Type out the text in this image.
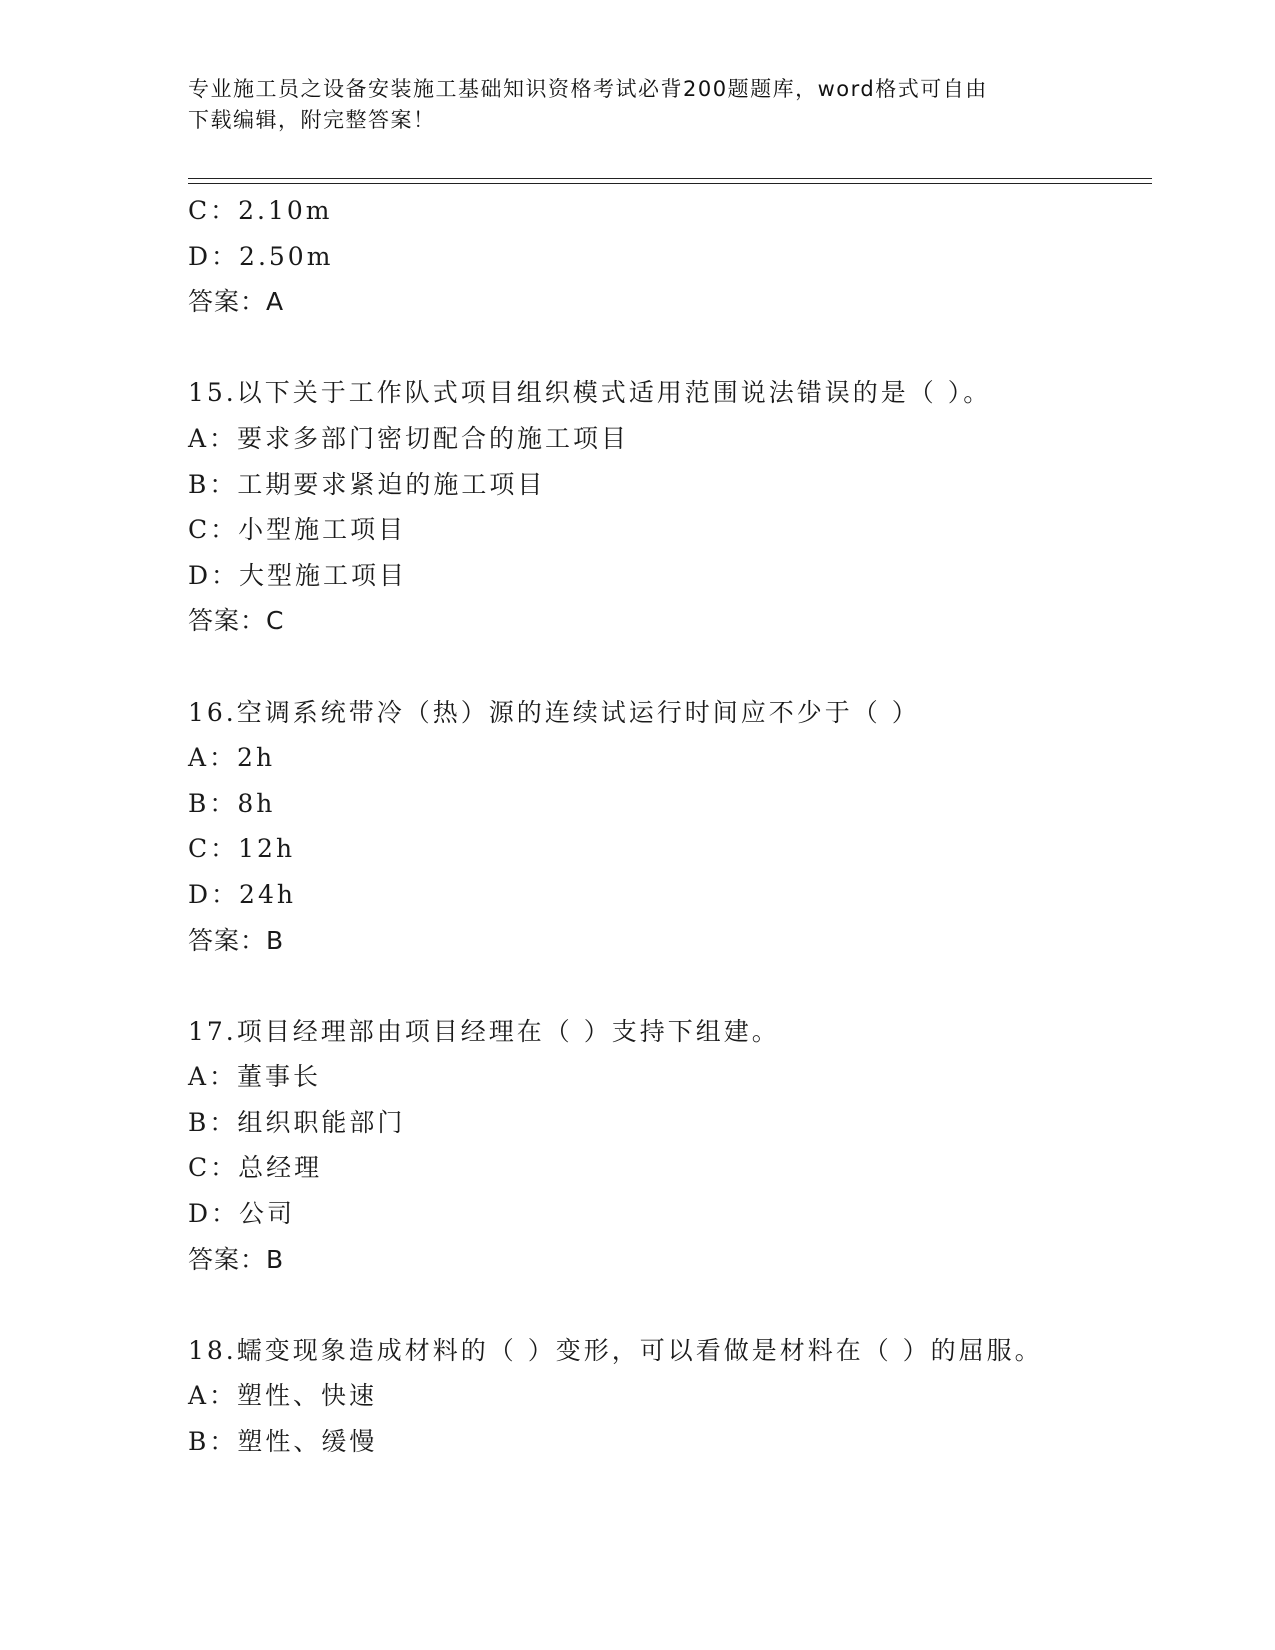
专业施工员之设备安装施工基础知识资格考试必背200题题库，word格式可自由
下载编辑，附完整答案！
C：2.10m
D：2.50m
答案：A
15.以下关于工作队式项目组织模式适用范围说法错误的是（ ）。
A：要求多部门密切配合的施工项目
B：工期要求紧迫的施工项目
C：小型施工项目
D：大型施工项目
答案：C
16.空调系统带冷（热）源的连续试运行时间应不少于（ ）
A：2h
B：8h
C：12h
D：24h
答案：B
17.项目经理部由项目经理在（ ）支持下组建。
A：董事长
B：组织职能部门
C：总经理
D：公司
答案：B
18.蠕变现象造成材料的（ ）变形，可以看做是材料在（ ）的屈服。
A：塑性、快速
B：塑性、缓慢
